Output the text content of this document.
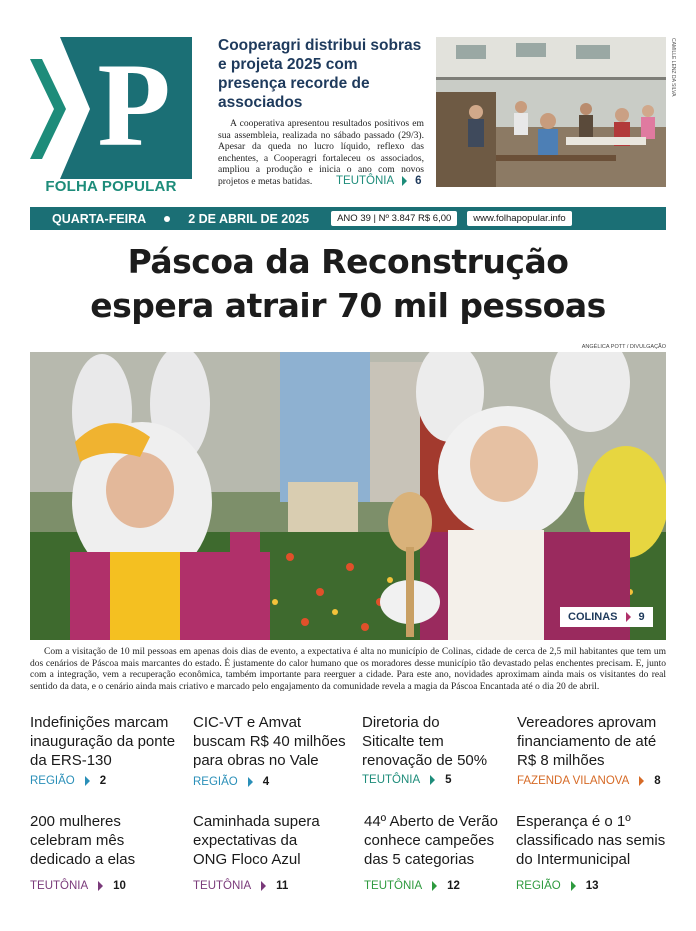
P
FOLHA POPULAR
Cooperagri distribui sobras e projeta 2025 com presença recorde de associados
A cooperativa apresentou resultados positivos em sua assembleia, realizada no sábado passado (29/3). Apesar da queda no lucro líquido, reflexo das enchentes, a Cooperagri fortaleceu os associados, ampliou a produção e inicia o ano com novos projetos e metas batidas.	TEUTÔNIA 6
CAMILLE LENZ DA SILVA
QUARTA-FEIRA	2 DE ABRIL DE 2025	ANO 39 | Nº 3.847 R$ 6,00	www.folhapopular.info
Páscoa da Reconstrução
espera atrair 70 mil pessoas
ANGÉLICA POTT / DIVULGAÇÃO
COLINAS 9
Com a visitação de 10 mil pessoas em apenas dois dias de evento, a expectativa é alta no município de Colinas, cidade de cerca de 2,5 mil habitantes que tem um dos cenários de Páscoa mais marcantes do estado. É justamente do calor humano que os moradores desse município tão devastado pelas enchentes precisam. E, junto com a integração, vem a recuperação econômica, também importante para reerguer a cidade. Para este ano, novidades aproximam ainda mais os visitantes do real sentido da data, e o cenário ainda mais criativo e marcado pelo engajamento da comunidade revela a magia da Páscoa Encantada até o dia 20 de abril.
Indefinições marcam inauguração da ponte da ERS-130
REGIÃO 2
CIC-VT e Amvat buscam R$ 40 milhões para obras no Vale
REGIÃO 4
Diretoria do Siticalte tem renovação de 50%
TEUTÔNIA 5
Vereadores aprovam financiamento de até R$ 8 milhões
FAZENDA VILANOVA 8
200 mulheres celebram mês dedicado a elas
TEUTÔNIA 10
Caminhada supera expectativas da ONG Floco Azul
TEUTÔNIA 11
44º Aberto de Verão conhece campeões das 5 categorias
TEUTÔNIA 12
Esperança é o 1º classificado nas semis do Intermunicipal
REGIÃO 13
